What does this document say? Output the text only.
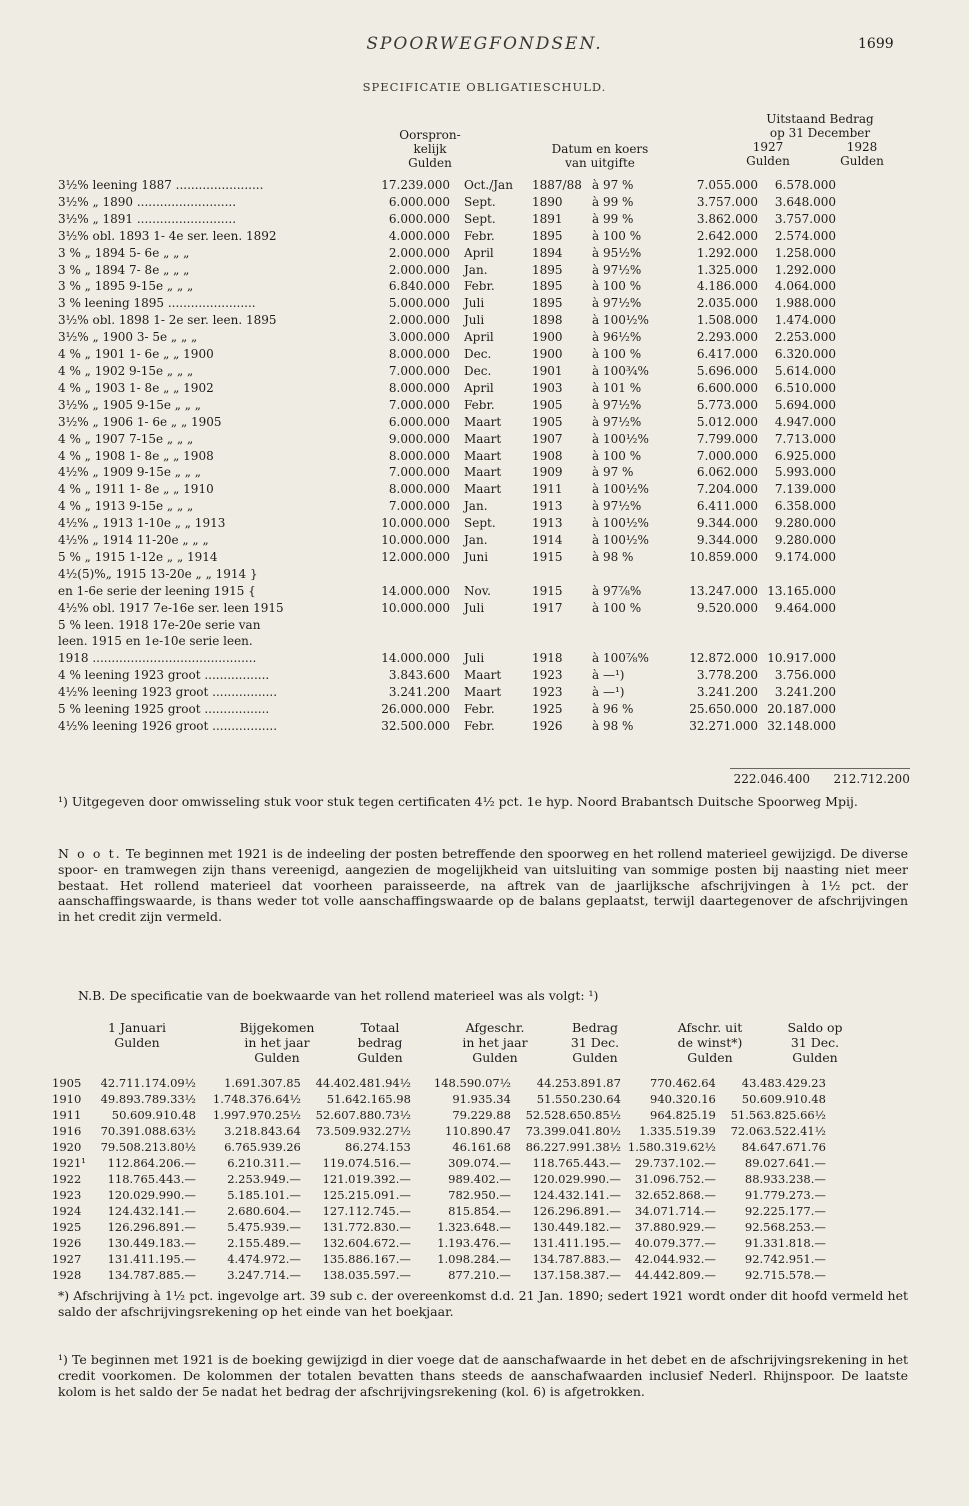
SPOORWEGFONDSEN.	1699
SPECIFICATIE OBLIGATIESCHULD.
Oorspron-
kelijk
Gulden
Datum en koers
van uitgifte
Uitstaand Bedrag
op 31 December
1927
Gulden
1928
Gulden
3½% leening 1887 .......................	17.239.000	Oct./Jan	1887/88	à 97 %	7.055.000	6.578.000
3½% „ 1890 ..........................	6.000.000	Sept.	1890	à 99 %	3.757.000	3.648.000
3½% „ 1891 ..........................	6.000.000	Sept.	1891	à 99 %	3.862.000	3.757.000
3½% obl. 1893 1- 4e ser. leen. 1892	4.000.000	Febr.	1895	à 100 %	2.642.000	2.574.000
3 % „ 1894 5- 6e „ „ „	2.000.000	April	1894	à 95½%	1.292.000	1.258.000
3 % „ 1894 7- 8e „ „ „	2.000.000	Jan.	1895	à 97½%	1.325.000	1.292.000
3 % „ 1895 9-15e „ „ „	6.840.000	Febr.	1895	à 100 %	4.186.000	4.064.000
3 % leening 1895 .......................	5.000.000	Juli	1895	à 97½%	2.035.000	1.988.000
3½% obl. 1898 1- 2e ser. leen. 1895	2.000.000	Juli	1898	à 100½%	1.508.000	1.474.000
3½% „ 1900 3- 5e „ „ „	3.000.000	April	1900	à 96½%	2.293.000	2.253.000
4 % „ 1901 1- 6e „ „ 1900	8.000.000	Dec.	1900	à 100 %	6.417.000	6.320.000
4 % „ 1902 9-15e „ „ „	7.000.000	Dec.	1901	à 100¾%	5.696.000	5.614.000
4 % „ 1903 1- 8e „ „ 1902	8.000.000	April	1903	à 101 %	6.600.000	6.510.000
3½% „ 1905 9-15e „ „ „	7.000.000	Febr.	1905	à 97½%	5.773.000	5.694.000
3½% „ 1906 1- 6e „ „ 1905	6.000.000	Maart	1905	à 97½%	5.012.000	4.947.000
4 % „ 1907 7-15e „ „ „	9.000.000	Maart	1907	à 100½%	7.799.000	7.713.000
4 % „ 1908 1- 8e „ „ 1908	8.000.000	Maart	1908	à 100 %	7.000.000	6.925.000
4½% „ 1909 9-15e „ „ „	7.000.000	Maart	1909	à 97 %	6.062.000	5.993.000
4 % „ 1911 1- 8e „ „ 1910	8.000.000	Maart	1911	à 100½%	7.204.000	7.139.000
4 % „ 1913 9-15e „ „ „	7.000.000	Jan.	1913	à 97½%	6.411.000	6.358.000
4½% „ 1913 1-10e „ „ 1913	10.000.000	Sept.	1913	à 100½%	9.344.000	9.280.000
4½% „ 1914 11-20e „ „ „	10.000.000	Jan.	1914	à 100½%	9.344.000	9.280.000
5 % „ 1915 1-12e „ „ 1914	12.000.000	Juni	1915	à 98 %	10.859.000	9.174.000
4½(5)%„ 1915 13-20e „ „ 1914 }						
en 1-6e serie der leening 1915 {	14.000.000	Nov.	1915	à 97⅞%	13.247.000	13.165.000
4½% obl. 1917 7e-16e ser. leen 1915	10.000.000	Juli	1917	à 100 %	9.520.000	9.464.000
5 % leen. 1918 17e-20e serie van						
leen. 1915 en 1e-10e serie leen.						
1918 ...........................................	14.000.000	Juli	1918	à 100⅞%	12.872.000	10.917.000
4 % leening 1923 groot .................	3.843.600	Maart	1923	à —¹)	3.778.200	3.756.000
4½% leening 1923 groot .................	3.241.200	Maart	1923	à —¹)	3.241.200	3.241.200
5 % leening 1925 groot .................	26.000.000	Febr.	1925	à 96 %	25.650.000	20.187.000
4½% leening 1926 groot .................	32.500.000	Febr.	1926	à 98 %	32.271.000	32.148.000
222.046.400 212.712.200
¹) Uitgegeven door omwisseling stuk voor stuk tegen certificaten 4½ pct. 1e hyp. Noord Brabantsch Duitsche Spoorweg Mpij.
N o o t. Te beginnen met 1921 is de indeeling der posten betreffende den spoorweg en het rollend materieel gewijzigd. De diverse spoor- en tramwegen zijn thans vereenigd, aangezien de mogelijkheid van uitsluiting van sommige posten bij naasting niet meer bestaat. Het rollend materieel dat voorheen paraisseerde, na aftrek van de jaarlijksche afschrijvingen à 1½ pct. der aanschaffingswaarde, is thans weder tot volle aanschaffingswaarde op de balans geplaatst, terwijl daartegenover de afschrijvingen in het credit zijn vermeld.
N.B. De specificatie van de boekwaarde van het rollend materieel was als volgt: ¹)
1 Januari
Gulden
Bijgekomen
in het jaar
Gulden
Totaal
bedrag
Gulden
Afgeschr.
in het jaar
Gulden
Bedrag
31 Dec.
Gulden
Afschr. uit
de winst*)
Gulden
Saldo op
31 Dec.
Gulden
1905	42.711.174.09½	1.691.307.85	44.402.481.94½	148.590.07½	44.253.891.87	770.462.64	43.483.429.23
1910	49.893.789.33½	1.748.376.64½	51.642.165.98	91.935.34	51.550.230.64	940.320.16	50.609.910.48
1911	50.609.910.48	1.997.970.25½	52.607.880.73½	79.229.88	52.528.650.85½	964.825.19	51.563.825.66½
1916	70.391.088.63½	3.218.843.64	73.509.932.27½	110.890.47	73.399.041.80½	1.335.519.39	72.063.522.41½
1920	79.508.213.80½	6.765.939.26	86.274.153	46.161.68	86.227.991.38½	1.580.319.62½	84.647.671.76
1921¹	112.864.206.—	6.210.311.—	119.074.516.—	309.074.—	118.765.443.—	29.737.102.—	89.027.641.—
1922	118.765.443.—	2.253.949.—	121.019.392.—	989.402.—	120.029.990.—	31.096.752.—	88.933.238.—
1923	120.029.990.—	5.185.101.—	125.215.091.—	782.950.—	124.432.141.—	32.652.868.—	91.779.273.—
1924	124.432.141.—	2.680.604.—	127.112.745.—	815.854.—	126.296.891.—	34.071.714.—	92.225.177.—
1925	126.296.891.—	5.475.939.—	131.772.830.—	1.323.648.—	130.449.182.—	37.880.929.—	92.568.253.—
1926	130.449.183.—	2.155.489.—	132.604.672.—	1.193.476.—	131.411.195.—	40.079.377.—	91.331.818.—
1927	131.411.195.—	4.474.972.—	135.886.167.—	1.098.284.—	134.787.883.—	42.044.932.—	92.742.951.—
1928	134.787.885.—	3.247.714.—	138.035.597.—	877.210.—	137.158.387.—	44.442.809.—	92.715.578.—
*) Afschrijving à 1½ pct. ingevolge art. 39 sub c. der overeenkomst d.d. 21 Jan. 1890; sedert 1921 wordt onder dit hoofd vermeld het saldo der afschrijvingsrekening op het einde van het boekjaar.
¹) Te beginnen met 1921 is de boeking gewijzigd in dier voege dat de aanschafwaarde in het debet en de afschrijvingsrekening in het credit voorkomen. De kolommen der totalen bevatten thans steeds de aanschafwaarden inclusief Nederl. Rhijnspoor. De laatste kolom is het saldo der 5e nadat het bedrag der afschrijvingsrekening (kol. 6) is afgetrokken.
